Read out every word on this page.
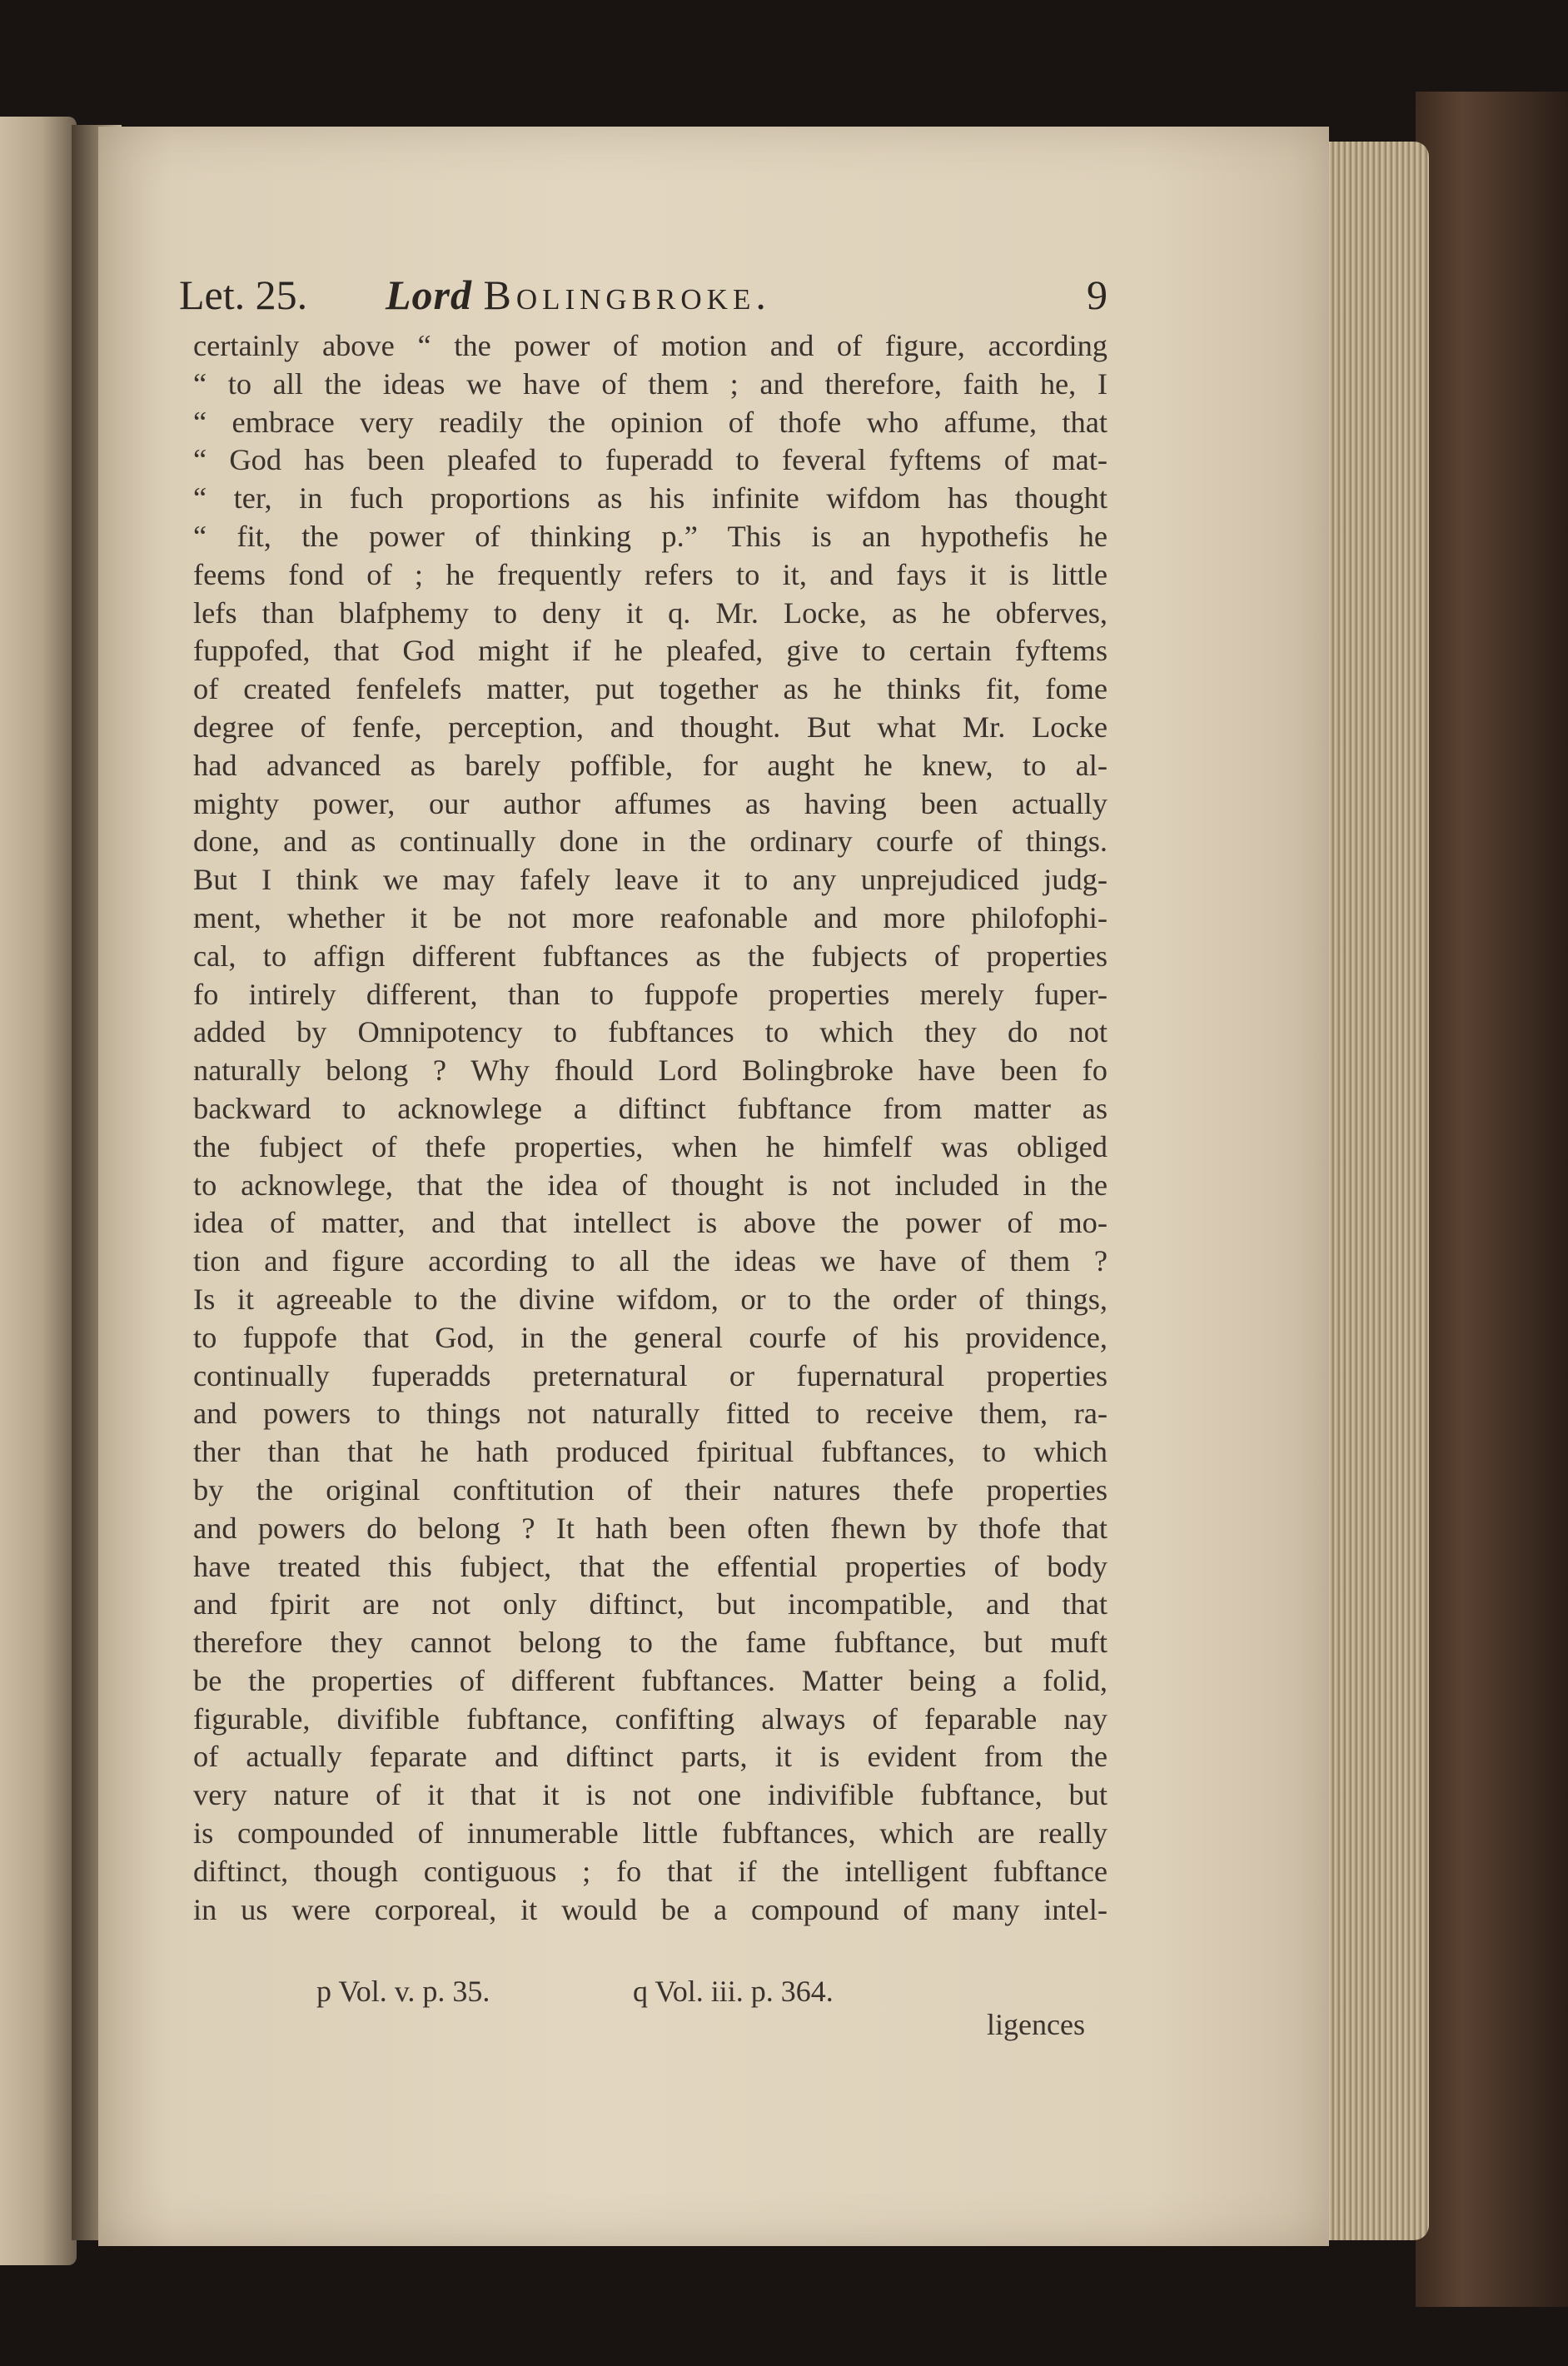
Let. 25. Lord Bolingbroke.	9
certainly above “ the power of motion and of figure, according
“ to all the ideas we have of them ; and therefore, faith he, I
“ embrace very readily the opinion of thofe who affume, that
“ God has been pleafed to fuperadd to feveral fyftems of mat-
“ ter, in fuch proportions as his infinite wifdom has thought
“ fit, the power of thinking p.” This is an hypothefis he
feems fond of ; he frequently refers to it, and fays it is little
lefs than blafphemy to deny it q. Mr. Locke, as he obferves,
fuppofed, that God might if he pleafed, give to certain fyftems
of created fenfelefs matter, put together as he thinks fit, fome
degree of fenfe, perception, and thought. But what Mr. Locke
had advanced as barely poffible, for aught he knew, to al-
mighty power, our author affumes as having been actually
done, and as continually done in the ordinary courfe of things.
But I think we may fafely leave it to any unprejudiced judg-
ment, whether it be not more reafonable and more philofophi-
cal, to affign different fubftances as the fubjects of properties
fo intirely different, than to fuppofe properties merely fuper-
added by Omnipotency to fubftances to which they do not
naturally belong ? Why fhould Lord Bolingbroke have been fo
backward to acknowlege a diftinct fubftance from matter as
the fubject of thefe properties, when he himfelf was obliged
to acknowlege, that the idea of thought is not included in the
idea of matter, and that intellect is above the power of mo-
tion and figure according to all the ideas we have of them ?
Is it agreeable to the divine wifdom, or to the order of things,
to fuppofe that God, in the general courfe of his providence,
continually fuperadds preternatural or fupernatural properties
and powers to things not naturally fitted to receive them, ra-
ther than that he hath produced fpiritual fubftances, to which
by the original conftitution of their natures thefe properties
and powers do belong ? It hath been often fhewn by thofe that
have treated this fubject, that the effential properties of body
and fpirit are not only diftinct, but incompatible, and that
therefore they cannot belong to the fame fubftance, but muft
be the properties of different fubftances. Matter being a folid,
figurable, divifible fubftance, confifting always of feparable nay
of actually feparate and diftinct parts, it is evident from the
very nature of it that it is not one indivifible fubftance, but
is compounded of innumerable little fubftances, which are really
diftinct, though contiguous ; fo that if the intelligent fubftance
in us were corporeal, it would be a compound of many intel-
p Vol. v. p. 35.	q Vol. iii. p. 364.
ligences
